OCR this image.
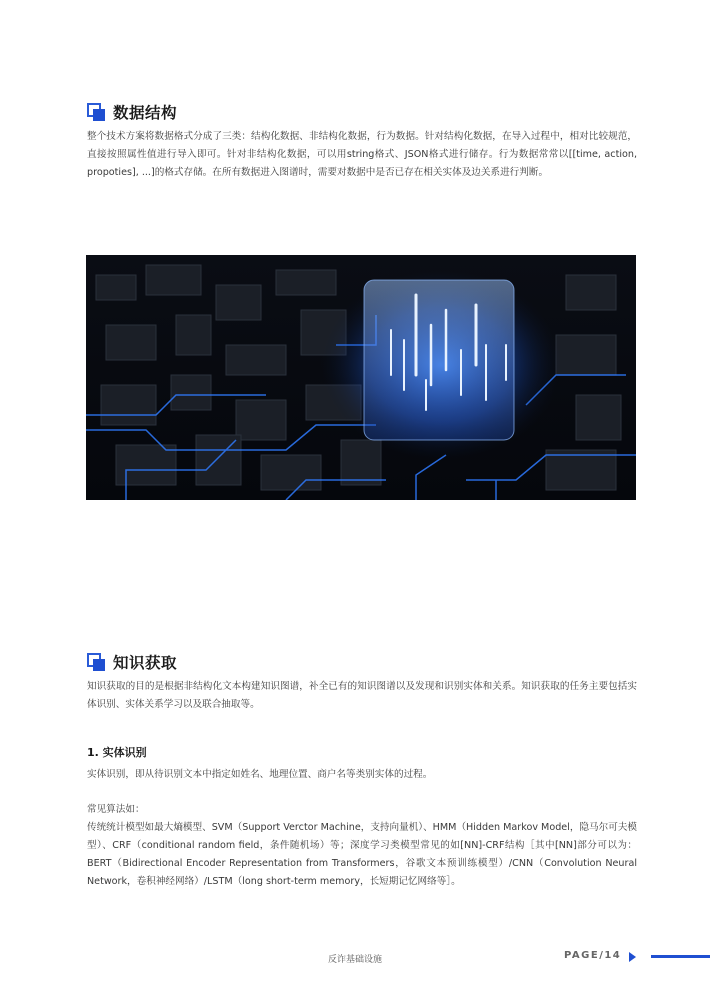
数据结构

整个技术方案将数据格式分成了三类：结构化数据、非结构化数据，行为数据。针对结构化数据，在导入过程中，相对比较规范，直接按照属性值进行导入即可。针对非结构化数据，可以用string格式、JSON格式进行储存。行为数据常常以[[time, action, propoties], ...]的格式存储。在所有数据进入图谱时，需要对数据中是否已存在相关实体及边关系进行判断。

知识获取

知识获取的目的是根据非结构化文本构建知识图谱，补全已有的知识图谱以及发现和识别实体和关系。知识获取的任务主要包括实体识别、实体关系学习以及联合抽取等。

1. 实体识别

实体识别，即从待识别文本中指定如姓名、地理位置、商户名等类别实体的过程。

常见算法如：

传统统计模型如最大熵模型、SVM（Support Verctor Machine，支持向量机）、HMM（Hidden Markov Model，隐马尔可夫模型）、CRF（conditional random field，条件随机场）等；深度学习类模型常见的如[NN]-CRF结构［其中[NN]部分可以为：BERT（Bidirectional Encoder Representation from Transformers，谷歌文本预训练模型）/CNN（Convolution Neural Network，卷积神经网络）/LSTM（long short-term memory，长短期记忆网络等］。

反诈基础设施	PAGE/14
